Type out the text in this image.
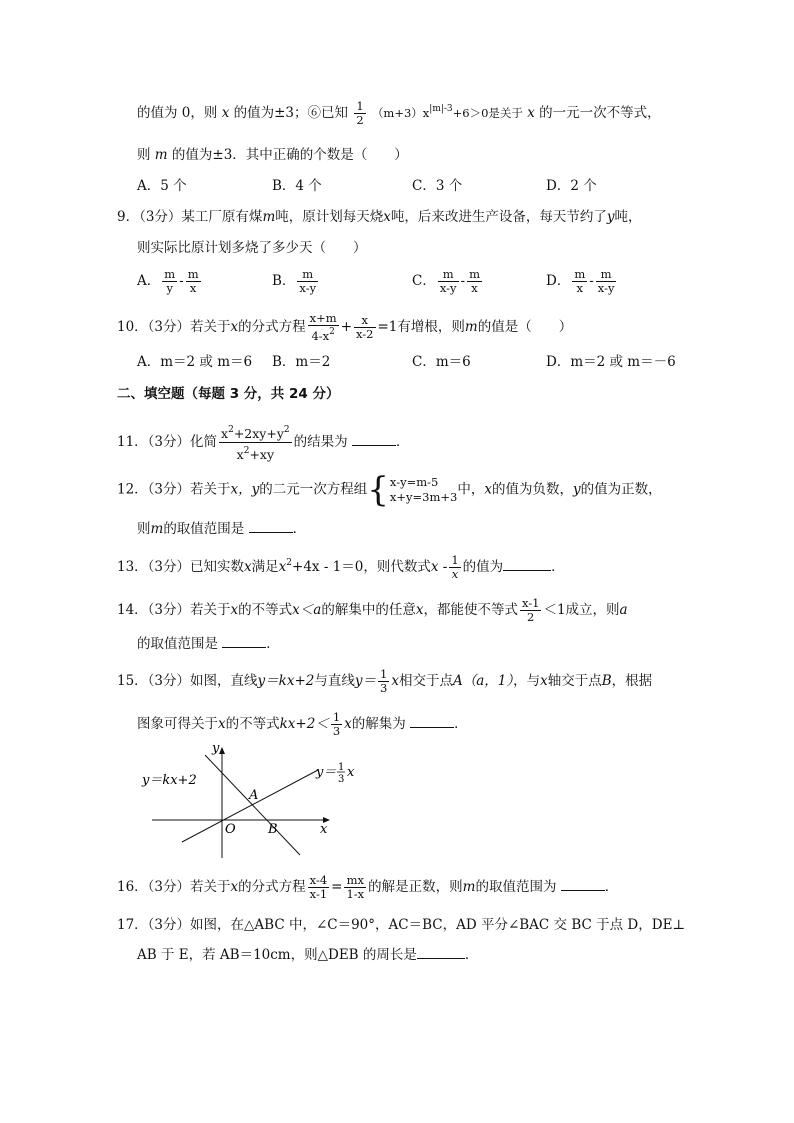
的值为 0，则 x 的值为±3；⑥已知 $\frac{1}{2} (m+3)x^{|m|-3}+6>0$是关于 x 的一元一次不等式，
则 m 的值为±3．其中正确的个数是（　　）
A．5 个	B．4 个	C．3 个	D．2 个
9．（3分）某工厂原有煤m吨，原计划每天烧x吨，后来改进生产设备，每天节约了y吨，
则实际比原计划多烧了多少天（　　）
A． $\frac{m}{y} - \frac{m}{x}$	B． $\frac{m}{x-y}$	C． $\frac{m}{x-y} - \frac{m}{x}$	D． $\frac{m}{x} - \frac{m}{x-y}$
10．（3分）若关于x的分式方程 $\frac{x+m}{4-x^2} + \frac{x}{x-2} =1$有增根，则m的值是（　　）
A．m＝2 或 m＝6 B．m＝2	C．m＝6	D．m＝2 或 m＝－6
二、填空题（每题 3 分，共 24 分）
11．（3分）化简 $\frac{x^2+2xy+y^2}{x^2+xy}$ 的结果为	．
12．（3分）若关于x，y的二元一次方程组{ x-y=m-5
x+y=3m+3 中，x的值为负数，y的值为正数，
则m的取值范围是	．
13．（3分）已知实数x满足$x^2+4x - 1=0$，则代数式x - $\frac{1}{x}$ 的值为	．
14．（3分）若关于x的不等式x＜a的解集中的任意x，都能使不等式 $\frac{x-1}{2} <1$成立，则a
的取值范围是	．
15．（3分）如图，直线y＝kx+2与直线$y= \frac{1}{3}$ x相交于点A（a，1），与x轴交于点B，根据
图象可得关于x的不等式$kx+2< \frac{1}{3}$ x的解集为	．
y＝kx+2
y＝ 1
3 x
y
x
O
A
B
16．（3分）若关于x的分式方程 $\frac{x-4}{x-1} = \frac{mx}{1-x}$ 的解是正数，则m的取值范围为	．
17．（3分）如图，在△ABC 中，∠C＝90°，AC＝BC，AD 平分∠BAC 交 BC 于点 D，DE⊥
AB 于 E，若 AB＝10cm，则△DEB 的周长是	．
